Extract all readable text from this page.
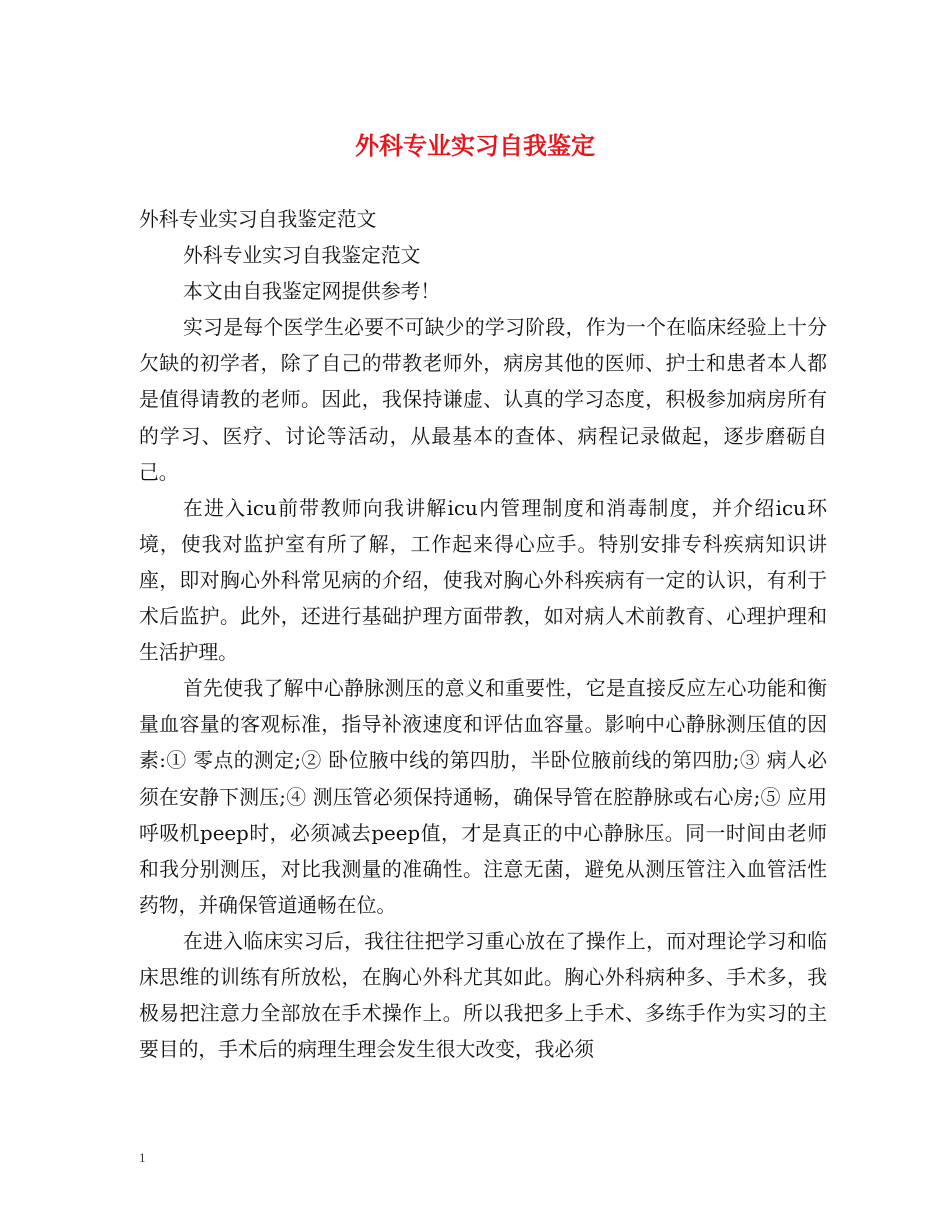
外科专业实习自我鉴定

外科专业实习自我鉴定范文

外科专业实习自我鉴定范文

本文由自我鉴定网提供参考！

实习是每个医学生必要不可缺少的学习阶段，作为一个在临床经验上十分欠缺的初学者，除了自己的带教老师外，病房其他的医师、护士和患者本人都是值得请教的老师。因此，我保持谦虚、认真的学习态度，积极参加病房所有的学习、医疗、讨论等活动，从最基本的查体、病程记录做起，逐步磨砺自己。

在进入icu前带教师向我讲解icu内管理制度和消毒制度，并介绍icu环境，使我对监护室有所了解，工作起来得心应手。特别安排专科疾病知识讲座，即对胸心外科常见病的介绍，使我对胸心外科疾病有一定的认识，有利于术后监护。此外，还进行基础护理方面带教，如对病人术前教育、心理护理和生活护理。

首先使我了解中心静脉测压的意义和重要性，它是直接反应左心功能和衡量血容量的客观标准，指导补液速度和评估血容量。影响中心静脉测压值的因素:① 零点的测定;② 卧位腋中线的第四肋，半卧位腋前线的第四肋;③ 病人必须在安静下测压;④ 测压管必须保持通畅，确保导管在腔静脉或右心房;⑤ 应用呼吸机peep时，必须减去peep值，才是真正的中心静脉压。同一时间由老师和我分别测压，对比我测量的准确性。注意无菌，避免从测压管注入血管活性药物，并确保管道通畅在位。

在进入临床实习后，我往往把学习重心放在了操作上，而对理论学习和临床思维的训练有所放松，在胸心外科尤其如此。胸心外科病种多、手术多，我极易把注意力全部放在手术操作上。所以我把多上手术、多练手作为实习的主要目的，手术后的病理生理会发生很大改变，我必须

1
